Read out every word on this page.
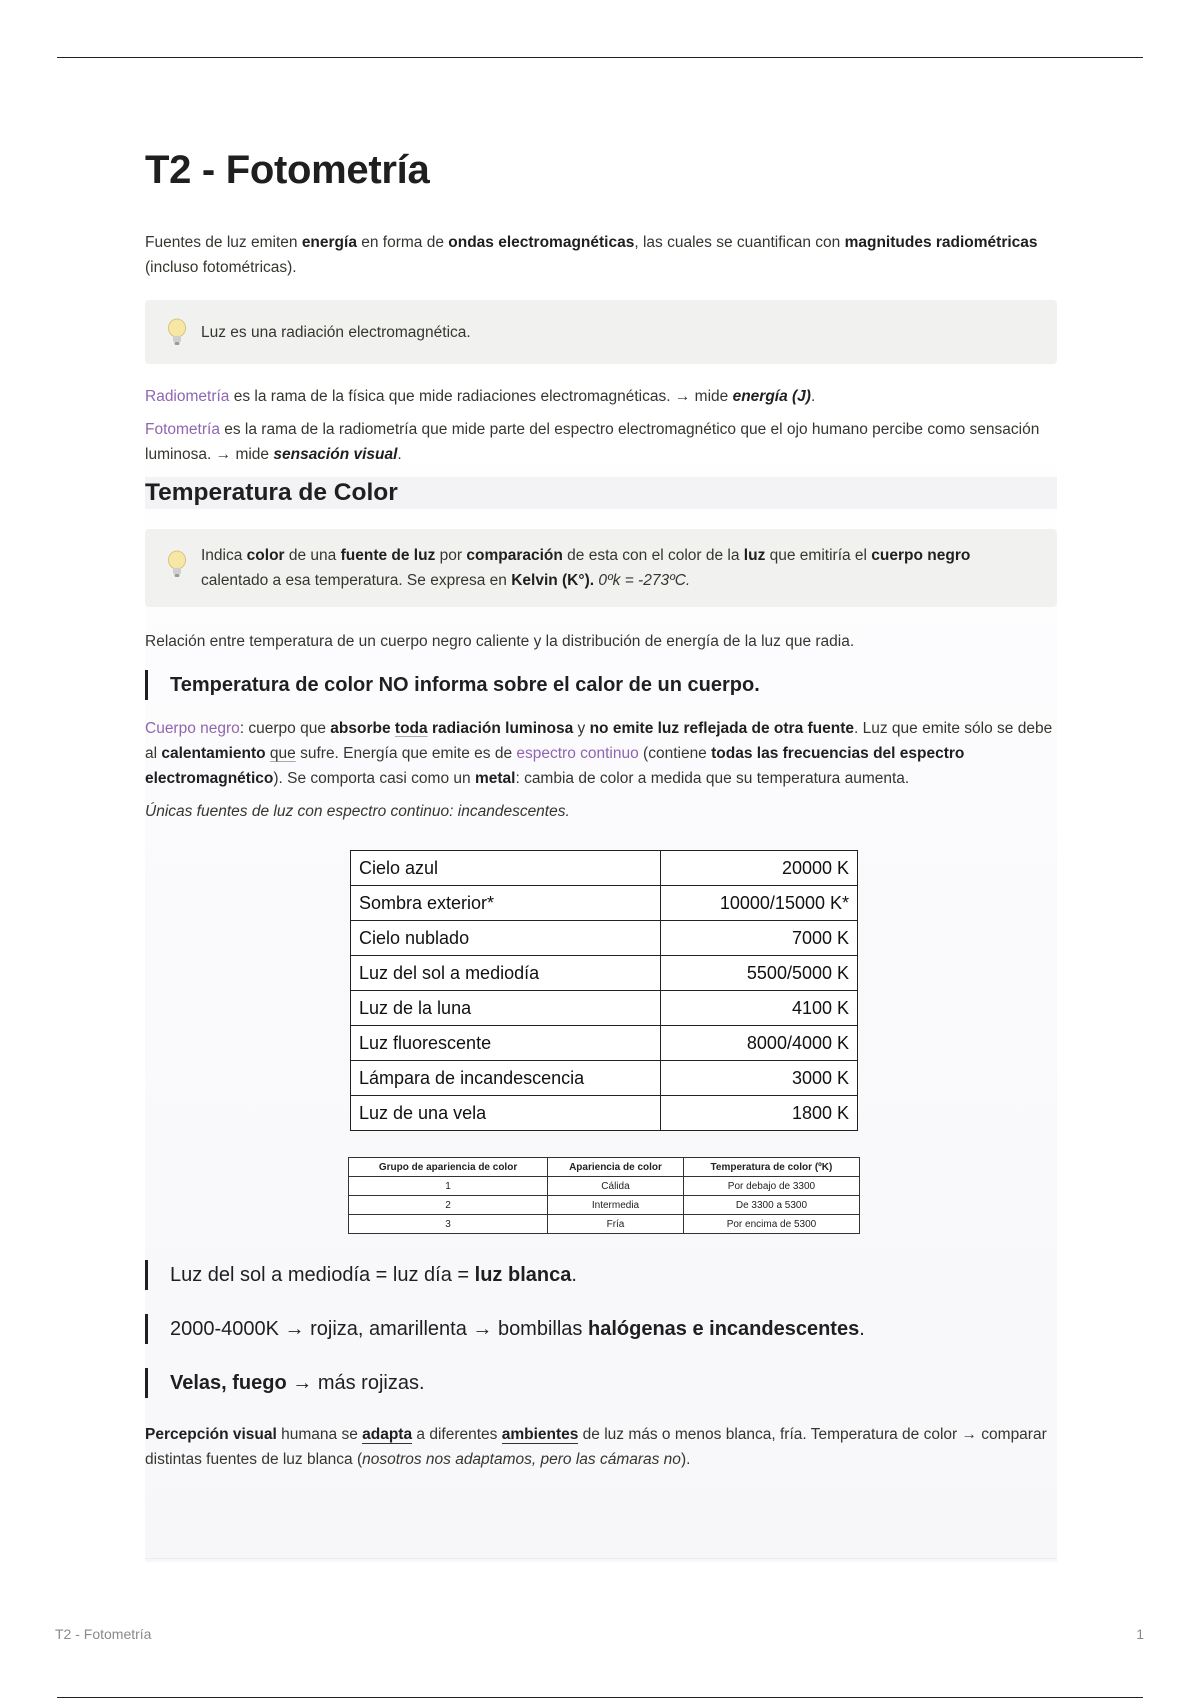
T2 - Fotometría

Fuentes de luz emiten energía en forma de ondas electromagnéticas, las cuales se cuantifican con magnitudes radiométricas (incluso fotométricas).

Luz es una radiación electromagnética.

Radiometría es la rama de la física que mide radiaciones electromagnéticas. → mide energía (J).

Fotometría es la rama de la radiometría que mide parte del espectro electromagnético que el ojo humano percibe como sensación luminosa. → mide sensación visual.

Temperatura de Color

Indica color de una fuente de luz por comparación de esta con el color de la luz que emitiría el cuerpo negro calentado a esa temperatura. Se expresa en Kelvin (K°). 0ºk = -273ºC.

Relación entre temperatura de un cuerpo negro caliente y la distribución de energía de la luz que radia.

Temperatura de color NO informa sobre el calor de un cuerpo.

Cuerpo negro: cuerpo que absorbe toda radiación luminosa y no emite luz reflejada de otra fuente. Luz que emite sólo se debe al calentamiento que sufre. Energía que emite es de espectro continuo (contiene todas las frecuencias del espectro electromagnético). Se comporta casi como un metal: cambia de color a medida que su temperatura aumenta.

Únicas fuentes de luz con espectro continuo: incandescentes.

Cielo azul	20000 K
Sombra exterior*	10000/15000 K*
Cielo nublado	7000 K
Luz del sol a mediodía	5500/5000 K
Luz de la luna	4100 K
Luz fluorescente	8000/4000 K
Lámpara de incandescencia	3000 K
Luz de una vela	1800 K
Grupo de apariencia de color	Apariencia de color	Temperatura de color (ºK)
1	Cálida	Por debajo de 3300
2	Intermedia	De 3300 a 5300
3	Fría	Por encima de 5300
Luz del sol a mediodía = luz día = luz blanca.
2000-4000K → rojiza, amarillenta → bombillas halógenas e incandescentes.
Velas, fuego → más rojizas.

Percepción visual humana se adapta a diferentes ambientes de luz más o menos blanca, fría. Temperatura de color → comparar distintas fuentes de luz blanca (nosotros nos adaptamos, pero las cámaras no).

T2 - Fotometría	1
